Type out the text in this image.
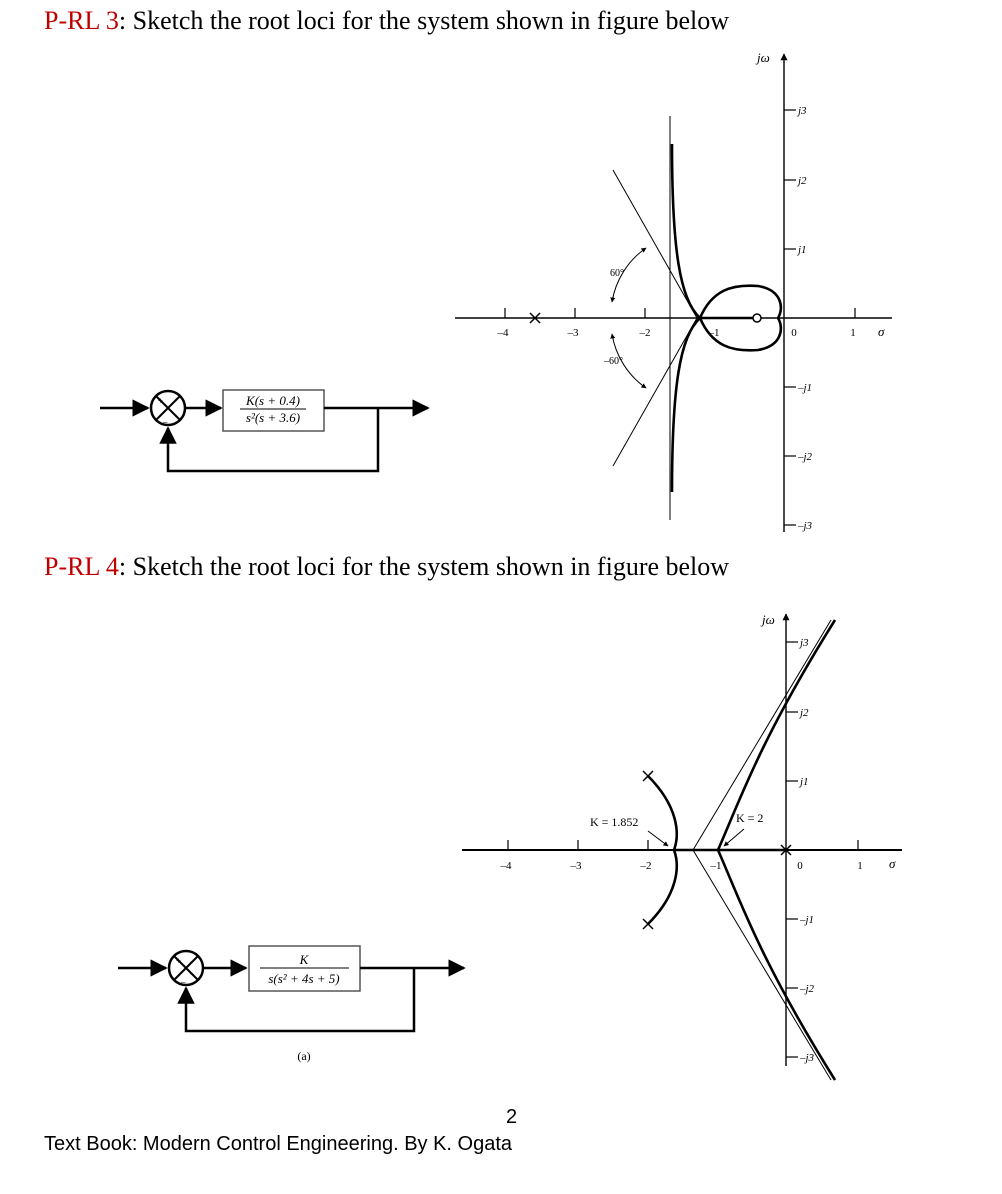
P-RL 3: Sketch the root loci for the system shown in figure below
P-RL 4: Sketch the root loci for the system shown in figure below
+
–
K(s + 0.4)
s²(s + 3.6)
jω
σ
–4	–3	–2	–1	0	1
j3
j2
j1
–j1
–j2
–j3
60°
–60°
+
–
K
s(s² + 4s + 5)
(a)
jω
σ
–4	–3	–2	–1	0	1
j3
j2
j1
–j1
–j2
–j3
K = 1.852	K = 2
2
Text Book: Modern Control Engineering. By K. Ogata
